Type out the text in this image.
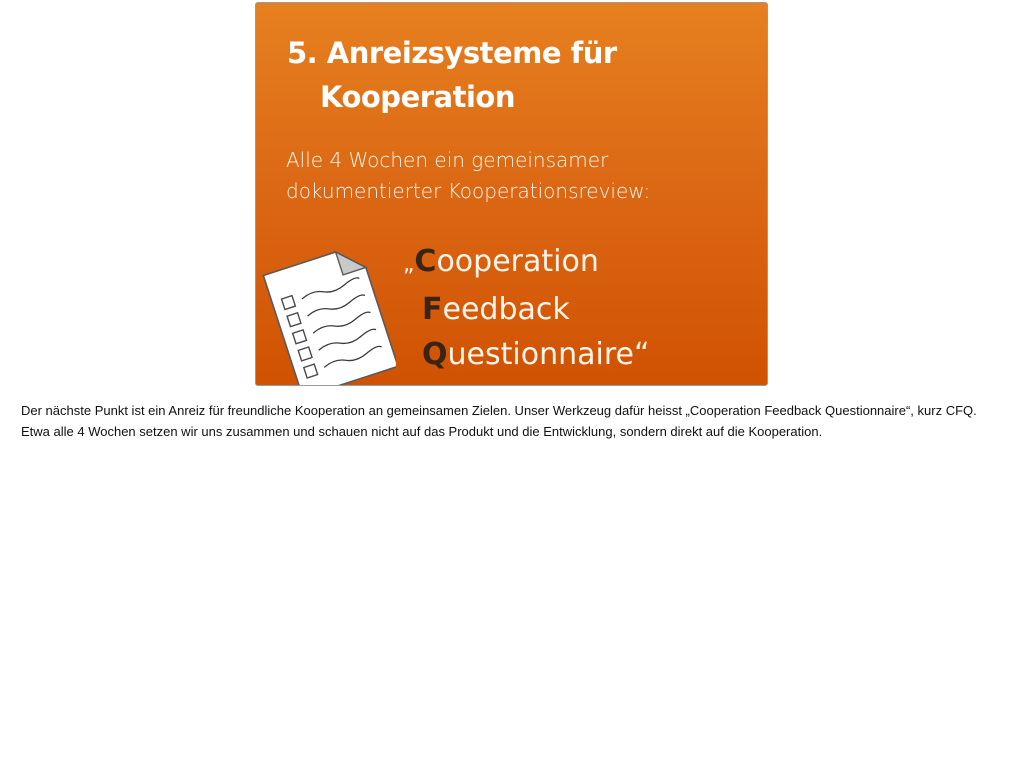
5. Anreizsysteme für
Kooperation

Alle 4 Wochen ein gemeinsamer
dokumentierter Kooperationsreview:

„Cooperation
Feedback
Questionnaire“

Der nächste Punkt ist ein Anreiz für freundliche Kooperation an gemeinsamen Zielen. Unser Werkzeug dafür heisst „Cooperation Feedback Questionnaire“, kurz CFQ.
Etwa alle 4 Wochen setzen wir uns zusammen und schauen nicht auf das Produkt und die Entwicklung, sondern direkt auf die Kooperation.
